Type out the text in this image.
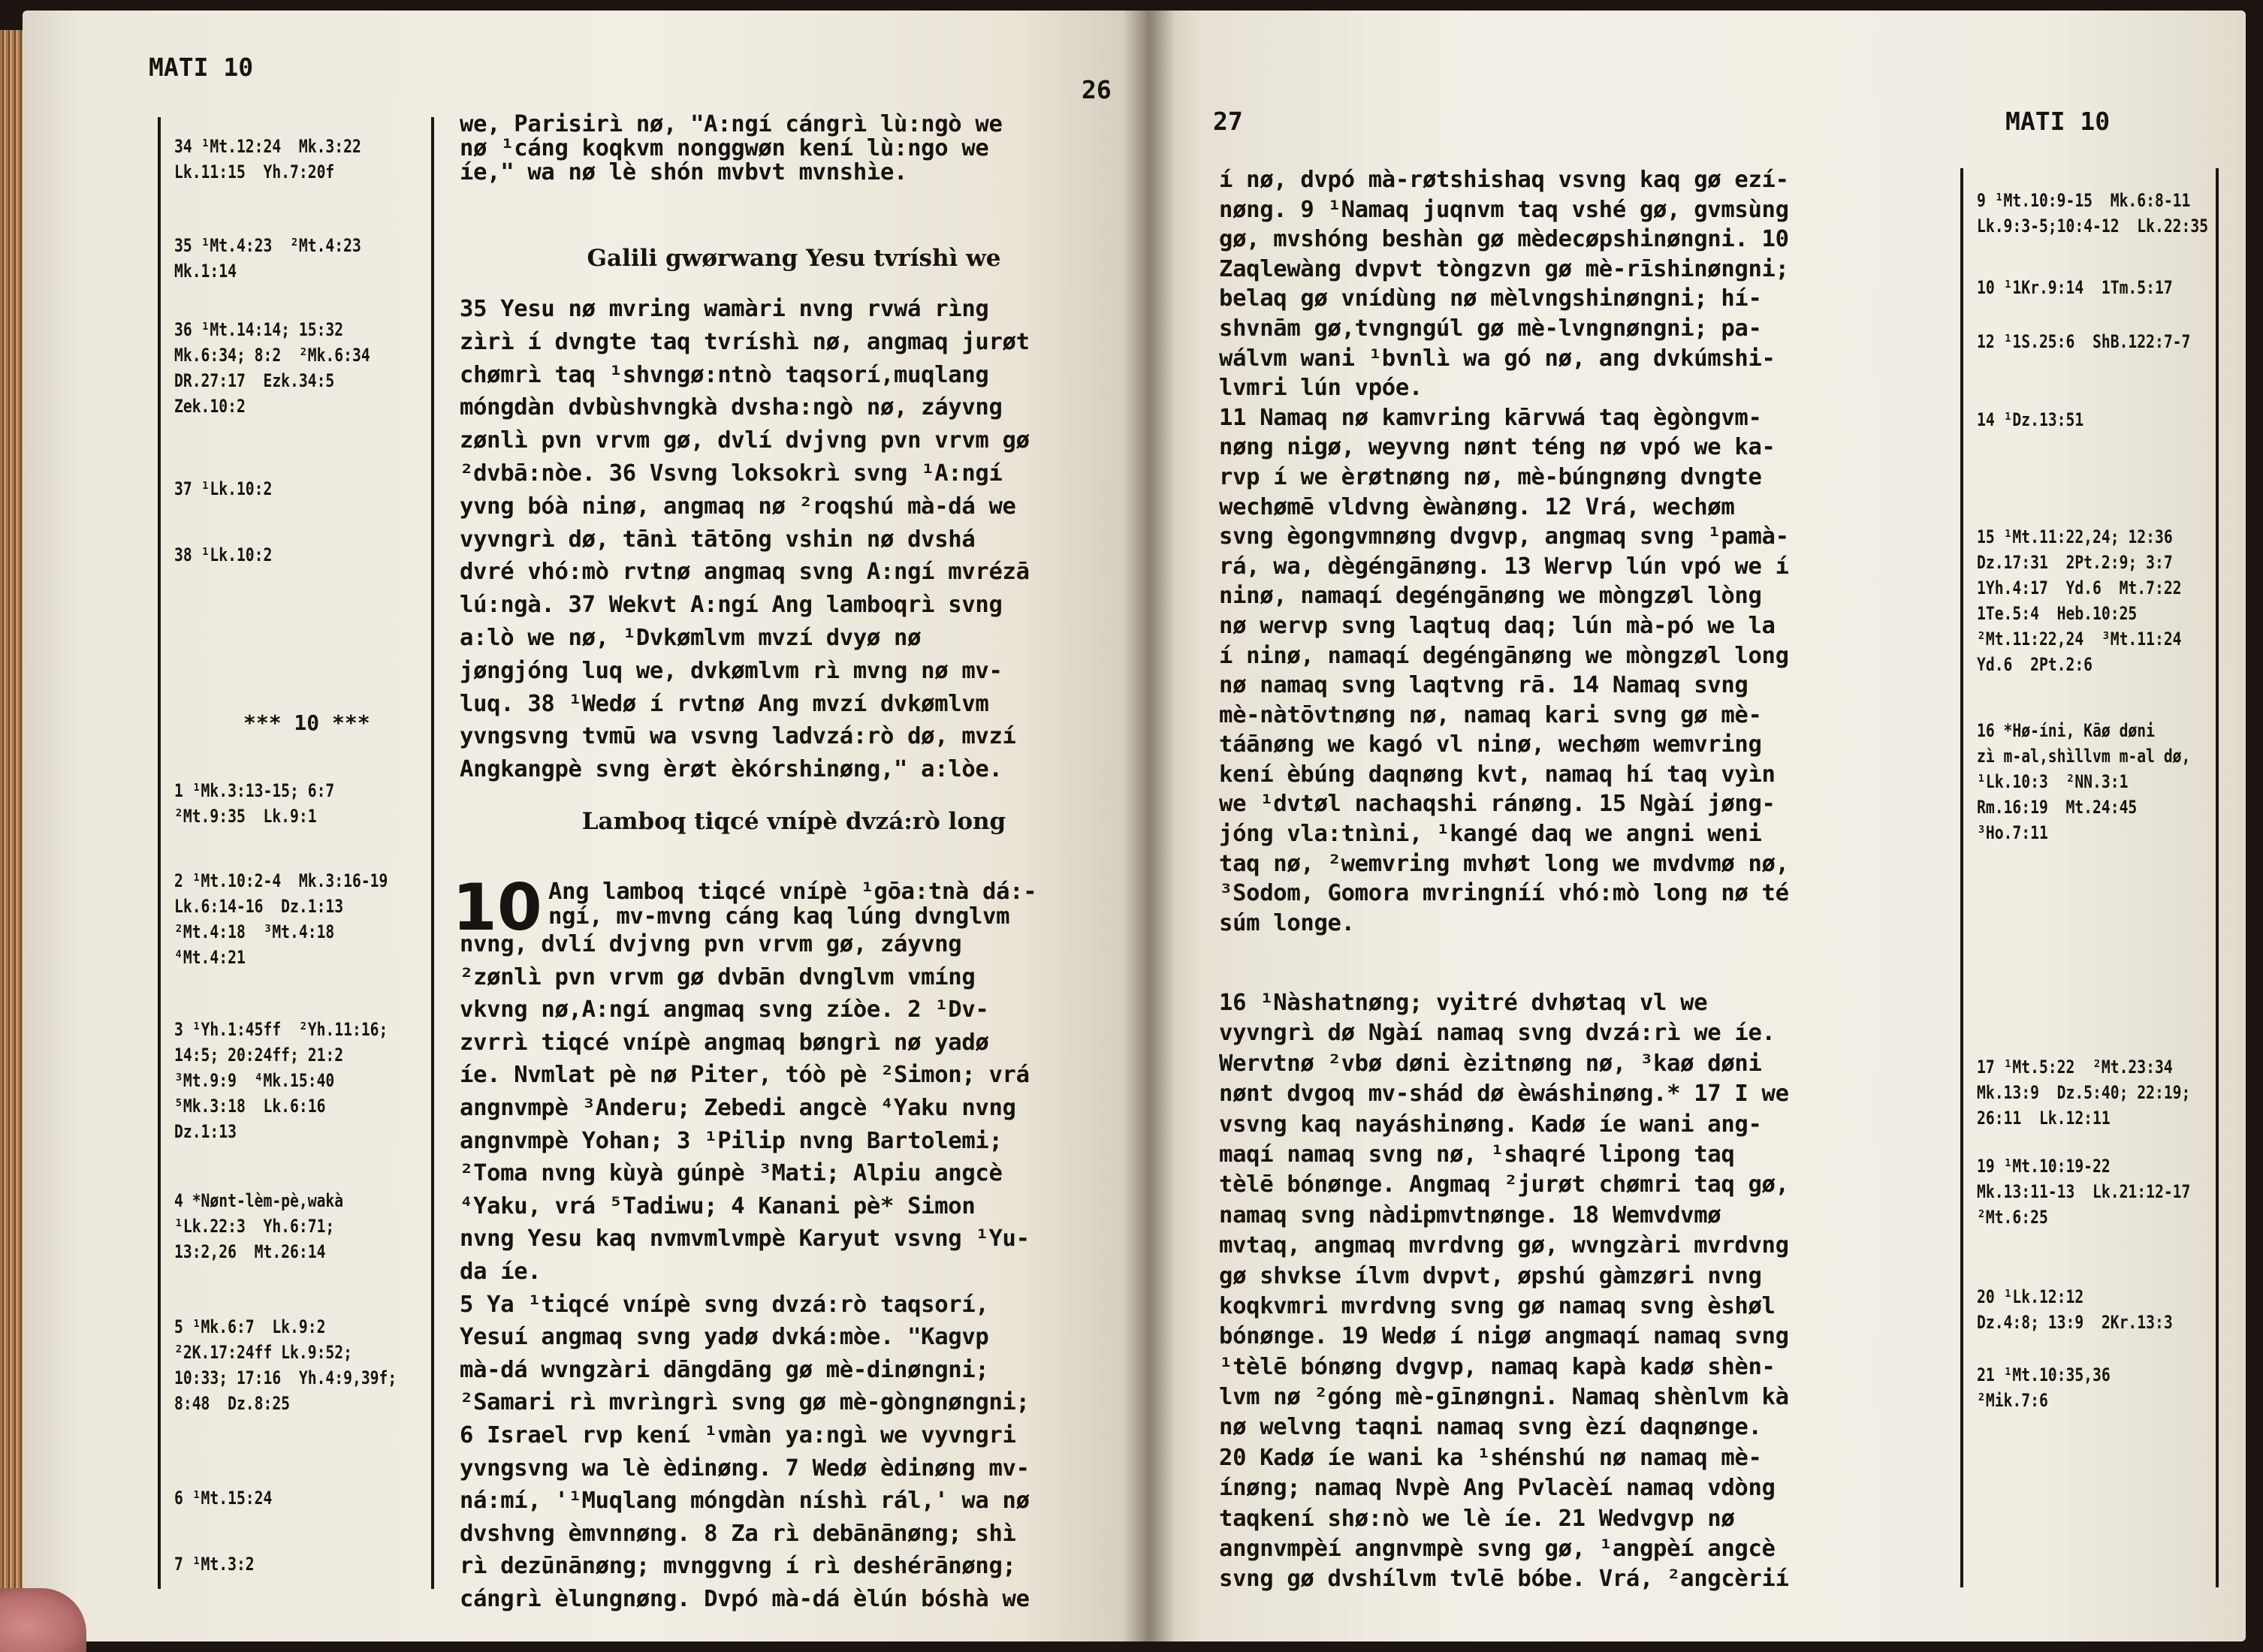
MATI 10
26
34 ¹Mt.12:24  Mk.3:22
Lk.11:15  Yh.7:20f
35 ¹Mt.4:23  ²Mt.4:23
Mk.1:14
36 ¹Mt.14:14; 15:32
Mk.6:34; 8:2  ²Mk.6:34
DR.27:17  Ezk.34:5
Zek.10:2
37 ¹Lk.10:2
38 ¹Lk.10:2
*** 10 ***
1 ¹Mk.3:13-15; 6:7
²Mt.9:35  Lk.9:1
2 ¹Mt.10:2-4  Mk.3:16-19
Lk.6:14-16  Dz.1:13
²Mt.4:18  ³Mt.4:18
⁴Mt.4:21
3 ¹Yh.1:45ff  ²Yh.11:16;
14:5; 20:24ff; 21:2
³Mt.9:9  ⁴Mk.15:40
⁵Mk.3:18  Lk.6:16
Dz.1:13
4 *Nønt-lèm-pè,wakà
¹Lk.22:3  Yh.6:71;
13:2,26  Mt.26:14
5 ¹Mk.6:7  Lk.9:2
²2K.17:24ff Lk.9:52;
10:33; 17:16  Yh.4:9,39f;
8:48  Dz.8:25
6 ¹Mt.15:24
7 ¹Mt.3:2
we, Parisirì nø, "A:ngí cángrì lù:ngò we
nø ¹cáng koqkvm nonggwøn kení lù:ngo we
íe," wa nø lè shón mvbvt mvnshìe.
Galili gwørwang Yesu tvríshì we
35 Yesu nø mvring wamàri nvng rvwá rìng
zìrì í dvngte taq tvríshì nø, angmaq jurøt
chømrì taq ¹shvngø:ntnò taqsorí,muqlang
móngdàn dvbùshvngkà dvsha:ngò nø, záyvng
zønlì pvn vrvm gø, dvlí dvjvng pvn vrvm gø
²dvbā:nòe. 36 Vsvng loksokrì svng ¹A:ngí
yvng bóà ninø, angmaq nø ²roqshú mà-dá we
vyvngrì dø, tānì tātōng vshin nø dvshá
dvré vhó:mò rvtnø angmaq svng A:ngí mvrézā
lú:ngà. 37 Wekvt A:ngí Ang lamboqrì svng
a:lò we nø, ¹Dvkømlvm mvzí dvyø nø
jøngjóng luq we, dvkømlvm rì mvng nø mv-
luq. 38 ¹Wedø í rvtnø Ang mvzí dvkømlvm
yvngsvng tvmū wa vsvng ladvzá:rò dø, mvzí
Angkangpè svng èrøt èkórshinøng," a:lòe.
Lamboq tiqcé vnípè dvzá:rò long
10 Ang lamboq tiqcé vnípè ¹gōa:tnà dá:-
ngí, mv-mvng cáng kaq lúng dvnglvm
nvng, dvlí dvjvng pvn vrvm gø, záyvng
²zønlì pvn vrvm gø dvbān dvnglvm vmíng
vkvng nø,A:ngí angmaq svng zíòe. 2 ¹Dv-
zvrrì tiqcé vnípè angmaq bøngrì nø yadø
íe. Nvmlat pè nø Piter, tóò pè ²Simon; vrá
angnvmpè ³Anderu; Zebedi angcè ⁴Yaku nvng
angnvmpè Yohan; 3 ¹Pilip nvng Bartolemi;
²Toma nvng kùyà gúnpè ³Mati; Alpiu angcè
⁴Yaku, vrá ⁵Tadiwu; 4 Kanani pè* Simon
nvng Yesu kaq nvmvmlvmpè Karyut vsvng ¹Yu-
da íe.
5 Ya ¹tiqcé vnípè svng dvzá:rò taqsorí,
Yesuí angmaq svng yadø dvká:mòe. "Kagvp
mà-dá wvngzàri dāngdāng gø mè-dinøngni;
²Samari rì mvrìngrì svng gø mè-gòngnøngni;
6 Israel rvp kení ¹vmàn ya:ngì we vyvngri
yvngsvng wa lè èdinøng. 7 Wedø èdinøng mv-
ná:mí, '¹Muqlang móngdàn níshì rál,' wa nø
dvshvng èmvnnøng. 8 Za rì debānānøng; shì
rì dezūnānøng; mvnggvng í rì deshérānøng;
cángrì èlungnøng. Dvpó mà-dá èlún bóshà we
27	MATI 10
í nø, dvpó mà-røtshishaq vsvng kaq gø ezí-
nøng. 9 ¹Namaq juqnvm taq vshé gø, gvmsùng
gø, mvshóng beshàn gø mèdecøpshinøngni. 10
Zaqlewàng dvpvt tòngzvn gø mè-rīshinøngni;
belaq gø vnídùng nø mèlvngshinøngni; hí-
shvnām gø,tvngngúl gø mè-lvngnøngni; pa-
wálvm wani ¹bvnlì wa gó nø, ang dvkúmshi-
lvmri lún vpóe.
11 Namaq nø kamvring kārvwá taq ègòngvm-
nøng nigø, weyvng nønt téng nø vpó we ka-
rvp í we èrøtnøng nø, mè-búngnøng dvngte
wechømē vldvng èwànøng. 12 Vrá, wechøm
svng ègongvmnøng dvgvp, angmaq svng ¹pamà-
rá, wa, dègéngānøng. 13 Wervp lún vpó we í
ninø, namaqí degéngānøng we mòngzøl lòng
nø wervp svng laqtuq daq; lún mà-pó we la
í ninø, namaqí degéngānøng we mòngzøl long
nø namaq svng laqtvng rā. 14 Namaq svng
mè-nàtōvtnøng nø, namaq kari svng gø mè-
táānøng we kagó vl ninø, wechøm wemvring
kení èbúng daqnøng kvt, namaq hí taq vyìn
we ¹dvtøl nachaqshi ránøng. 15 Ngàí jøng-
jóng vla:tnìni, ¹kangé daq we angni weni
taq nø, ²wemvring mvhøt long we mvdvmø nø,
³Sodom, Gomora mvringníí vhó:mò long nø té
súm longe.
16 ¹Nàshatnøng; vyitré dvhøtaq vl we
vyvngrì dø Ngàí namaq svng dvzá:rì we íe.
Wervtnø ²vbø døni èzitnøng nø, ³kaø døni
nønt dvgoq mv-shád dø èwáshinøng.* 17 I we
vsvng kaq nayáshinøng. Kadø íe wani ang-
maqí namaq svng nø, ¹shaqré lipong taq
tèlē bónønge. Angmaq ²jurøt chømri taq gø,
namaq svng nàdipmvtnønge. 18 Wemvdvmø
mvtaq, angmaq mvrdvng gø, wvngzàri mvrdvng
gø shvkse ílvm dvpvt, øpshú gàmzøri nvng
koqkvmri mvrdvng svng gø namaq svng èshøl
bónønge. 19 Wedø í nigø angmaqí namaq svng
¹tèlē bónøng dvgvp, namaq kapà kadø shèn-
lvm nø ²góng mè-gīnøngni. Namaq shènlvm kà
nø welvng taqni namaq svng èzí daqnønge.
20 Kadø íe wani ka ¹shénshú nø namaq mè-
ínøng; namaq Nvpè Ang Pvlacèí namaq vdòng
taqkení shø:nò we lè íe. 21 Wedvgvp nø
angnvmpèí angnvmpè svng gø, ¹angpèí angcè
svng gø dvshílvm tvlē bóbe. Vrá, ²angcèrií
9 ¹Mt.10:9-15  Mk.6:8-11
Lk.9:3-5;10:4-12  Lk.22:35
10 ¹1Kr.9:14  1Tm.5:17
12 ¹1S.25:6  ShB.122:7-7
14 ¹Dz.13:51
15 ¹Mt.11:22,24; 12:36
Dz.17:31  2Pt.2:9; 3:7
1Yh.4:17  Yd.6  Mt.7:22
1Te.5:4  Heb.10:25
²Mt.11:22,24  ³Mt.11:24
Yd.6  2Pt.2:6
16 *Hø-íni, Kāø døni
zì m-al,shìllvm m-al dø,
¹Lk.10:3  ²NN.3:1
Rm.16:19  Mt.24:45
³Ho.7:11
17 ¹Mt.5:22  ²Mt.23:34
Mk.13:9  Dz.5:40; 22:19;
26:11  Lk.12:11
19 ¹Mt.10:19-22
Mk.13:11-13  Lk.21:12-17
²Mt.6:25
20 ¹Lk.12:12
Dz.4:8; 13:9  2Kr.13:3
21 ¹Mt.10:35,36
²Mik.7:6
